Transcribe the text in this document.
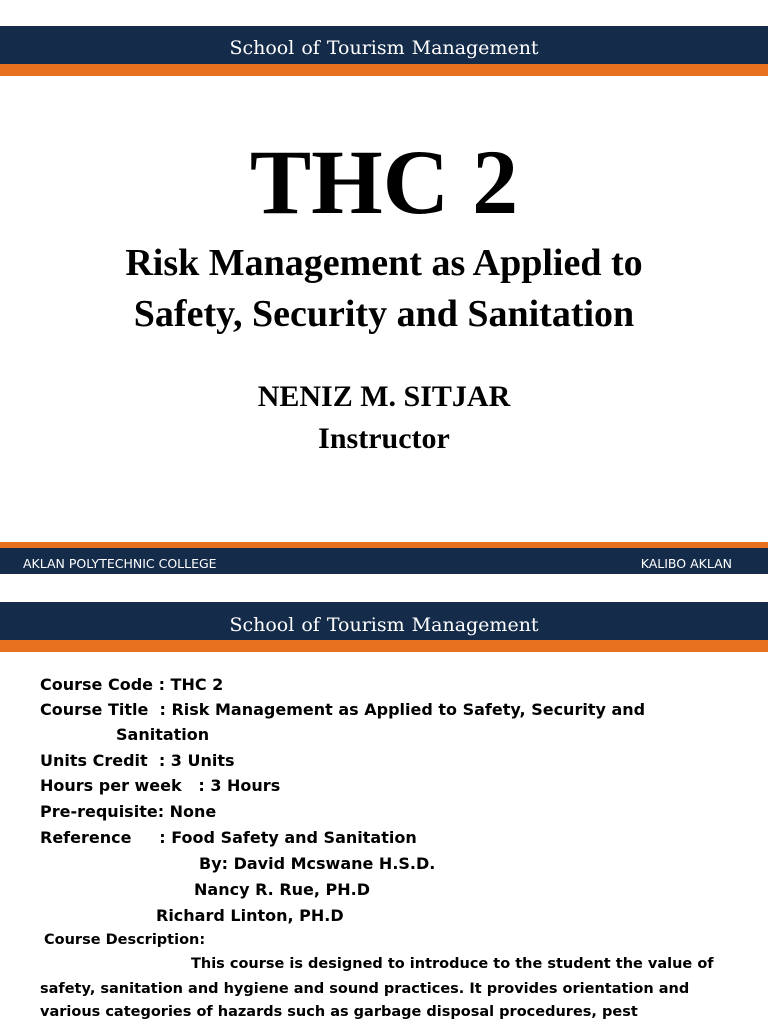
School of Tourism Management
THC 2
Risk Management as Applied to
Safety, Security and Sanitation
NENIZ M. SITJAR
Instructor
AKLAN POLYTECHNIC COLLEGE	KALIBO AKLAN
School of Tourism Management
Course Code : THC 2
Course Title  : Risk Management as Applied to Safety, Security and
Sanitation
Units Credit  : 3 Units
Hours per week   : 3 Hours
Pre-requisite: None
Reference     : Food Safety and Sanitation
By: David Mcswane H.S.D.
Nancy R. Rue, PH.D
Richard Linton, PH.D
Course Description:
This course is designed to introduce to the student the value of
safety, sanitation and hygiene and sound practices. It provides orientation and
various categories of hazards such as garbage disposal procedures, pest
